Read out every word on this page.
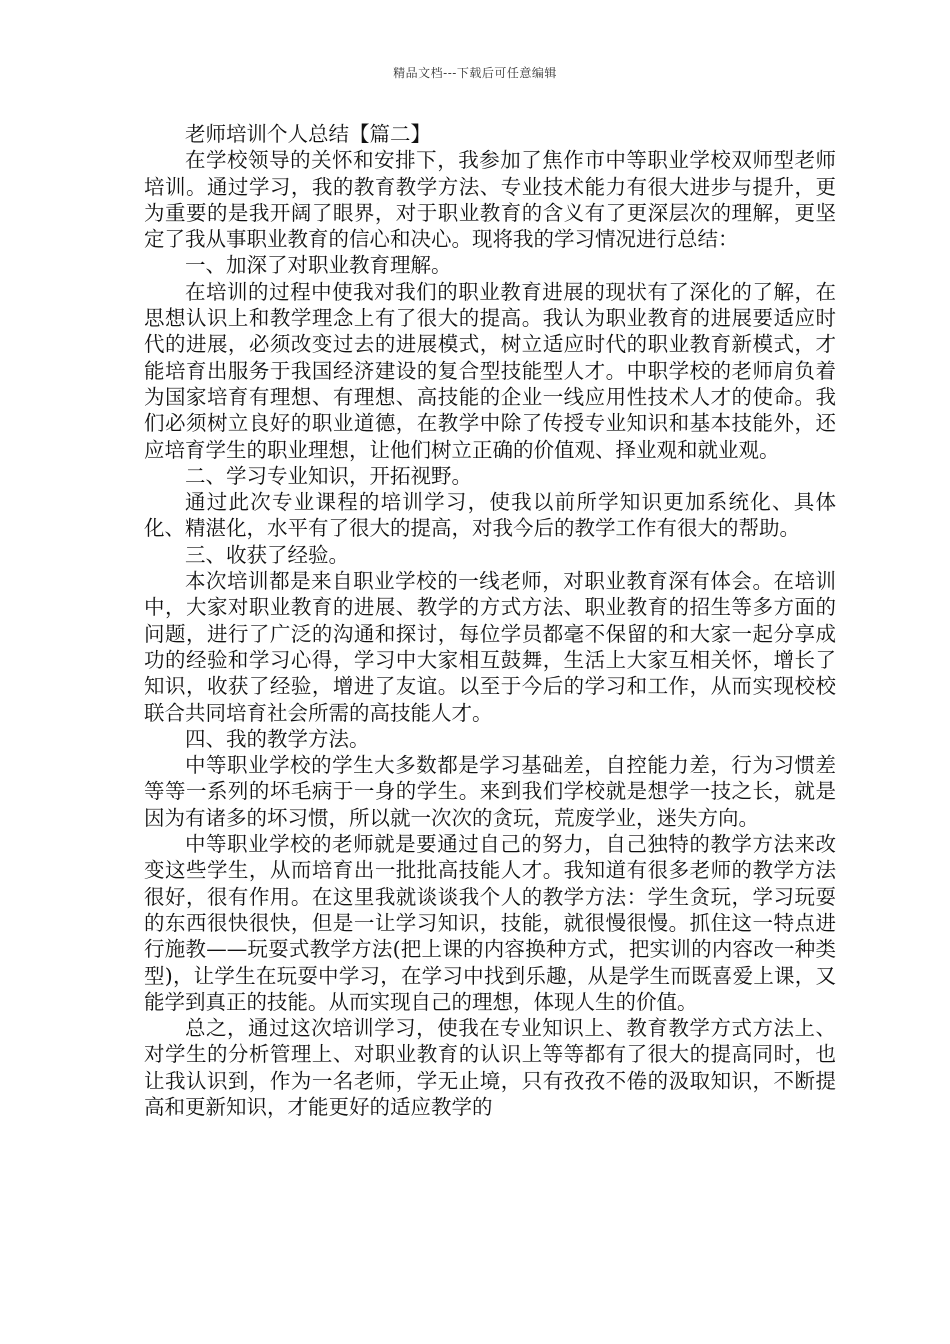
精品文档---下载后可任意编辑

老师培训个人总结【篇二】

在学校领导的关怀和安排下，我参加了焦作市中等职业学校双师型老师培训。通过学习，我的教育教学方法、专业技术能力有很大进步与提升，更为重要的是我开阔了眼界，对于职业教育的含义有了更深层次的理解，更坚定了我从事职业教育的信心和决心。现将我的学习情况进行总结：

一、加深了对职业教育理解。

在培训的过程中使我对我们的职业教育进展的现状有了深化的了解，在思想认识上和教学理念上有了很大的提高。我认为职业教育的进展要适应时代的进展，必须改变过去的进展模式，树立适应时代的职业教育新模式，才能培育出服务于我国经济建设的复合型技能型人才。中职学校的老师肩负着为国家培育有理想、有理想、高技能的企业一线应用性技术人才的使命。我们必须树立良好的职业道德，在教学中除了传授专业知识和基本技能外，还应培育学生的职业理想，让他们树立正确的价值观、择业观和就业观。

二、学习专业知识，开拓视野。

通过此次专业课程的培训学习，使我以前所学知识更加系统化、具体化、精湛化，水平有了很大的提高，对我今后的教学工作有很大的帮助。

三、收获了经验。

本次培训都是来自职业学校的一线老师，对职业教育深有体会。在培训中，大家对职业教育的进展、教学的方式方法、职业教育的招生等多方面的问题，进行了广泛的沟通和探讨，每位学员都毫不保留的和大家一起分享成功的经验和学习心得，学习中大家相互鼓舞，生活上大家互相关怀，增长了知识，收获了经验，增进了友谊。以至于今后的学习和工作，从而实现校校联合共同培育社会所需的高技能人才。

四、我的教学方法。

中等职业学校的学生大多数都是学习基础差，自控能力差，行为习惯差等等一系列的坏毛病于一身的学生。来到我们学校就是想学一技之长，就是因为有诸多的坏习惯，所以就一次次的贪玩，荒废学业，迷失方向。

中等职业学校的老师就是要通过自己的努力，自己独特的教学方法来改变这些学生，从而培育出一批批高技能人才。我知道有很多老师的教学方法很好，很有作用。在这里我就谈谈我个人的教学方法：学生贪玩，学习玩耍的东西很快很快，但是一让学习知识，技能，就很慢很慢。抓住这一特点进行施教——玩耍式教学方法(把上课的内容换种方式，把实训的内容改一种类型)，让学生在玩耍中学习，在学习中找到乐趣，从是学生而既喜爱上课，又能学到真正的技能。从而实现自己的理想，体现人生的价值。

总之，通过这次培训学习，使我在专业知识上、教育教学方式方法上、对学生的分析管理上、对职业教育的认识上等等都有了很大的提高同时，也让我认识到，作为一名老师，学无止境，只有孜孜不倦的汲取知识，不断提高和更新知识，才能更好的适应教学的
